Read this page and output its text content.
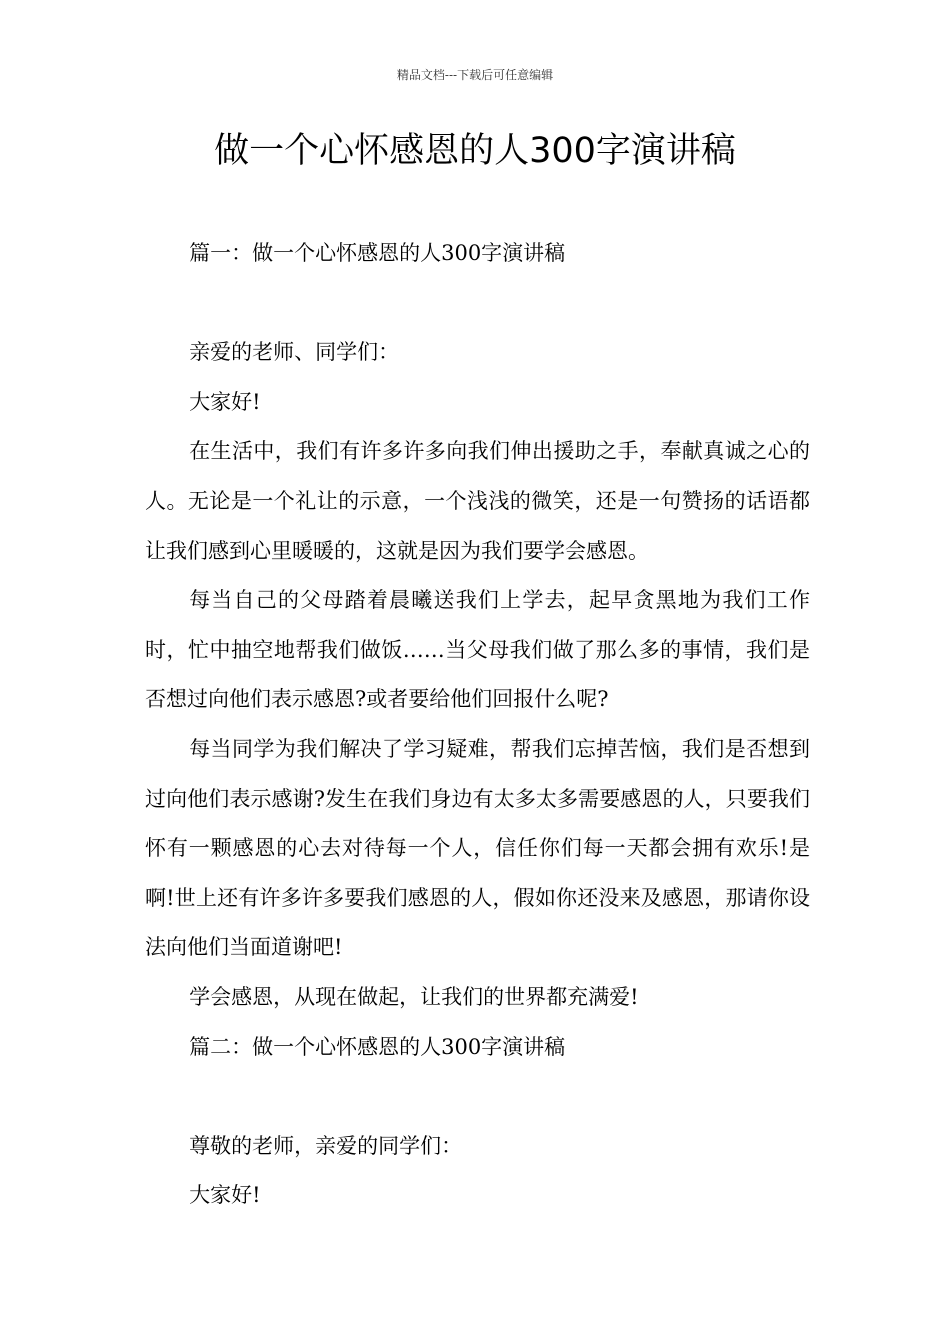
精品文档---下载后可任意编辑
做一个心怀感恩的人300字演讲稿

篇一：做一个心怀感恩的人300字演讲稿

亲爱的老师、同学们：

大家好!

在生活中，我们有许多许多向我们伸出援助之手，奉献真诚之心的人。无论是一个礼让的示意，一个浅浅的微笑，还是一句赞扬的话语都让我们感到心里暖暖的，这就是因为我们要学会感恩。

每当自己的父母踏着晨曦送我们上学去，起早贪黑地为我们工作时，忙中抽空地帮我们做饭……当父母我们做了那么多的事情，我们是否想过向他们表示感恩?或者要给他们回报什么呢?

每当同学为我们解决了学习疑难，帮我们忘掉苦恼，我们是否想到过向他们表示感谢?发生在我们身边有太多太多需要感恩的人，只要我们怀有一颗感恩的心去对待每一个人，信任你们每一天都会拥有欢乐!是啊!世上还有许多许多要我们感恩的人，假如你还没来及感恩，那请你设法向他们当面道谢吧!

学会感恩，从现在做起，让我们的世界都充满爱!

篇二：做一个心怀感恩的人300字演讲稿

尊敬的老师，亲爱的同学们：

大家好!
